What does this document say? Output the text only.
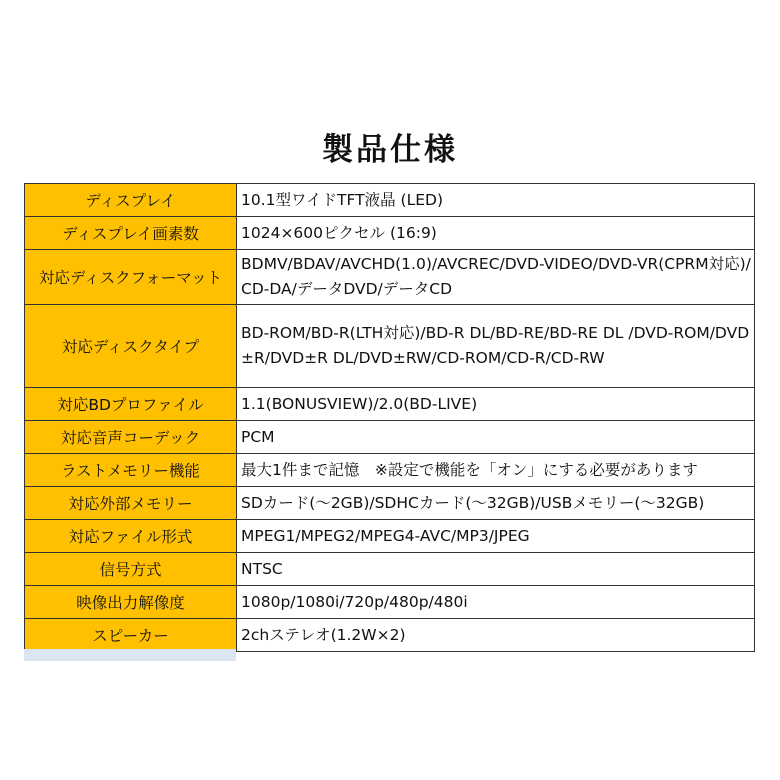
製品仕様
ディスプレイ	10.1型ワイドTFT液晶 (LED)
ディスプレイ画素数	1024×600ピクセル (16:9)
対応ディスクフォーマット	BDMV/BDAV/AVCHD(1.0)/AVCREC/DVD-VIDEO/DVD-VR(CPRM対応)/CD-DA/データDVD/データCD
対応ディスクタイプ	BD-ROM/BD-R(LTH対応)/BD-R DL/BD-RE/BD-RE DL /DVD-ROM/DVD±R/DVD±R DL/DVD±RW/CD-ROM/CD-R/CD-RW
対応BDプロファイル	1.1(BONUSVIEW)/2.0(BD-LIVE)
対応音声コーデック	PCM
ラストメモリー機能	最大1件まで記憶　※設定で機能を「オン」にする必要があります
対応外部メモリー	SDカード(～2GB)/SDHCカード(～32GB)/USBメモリー(～32GB)
対応ファイル形式	MPEG1/MPEG2/MPEG4-AVC/MP3/JPEG
信号方式	NTSC
映像出力解像度	1080p/1080i/720p/480p/480i
スピーカー	2chステレオ(1.2W×2)
